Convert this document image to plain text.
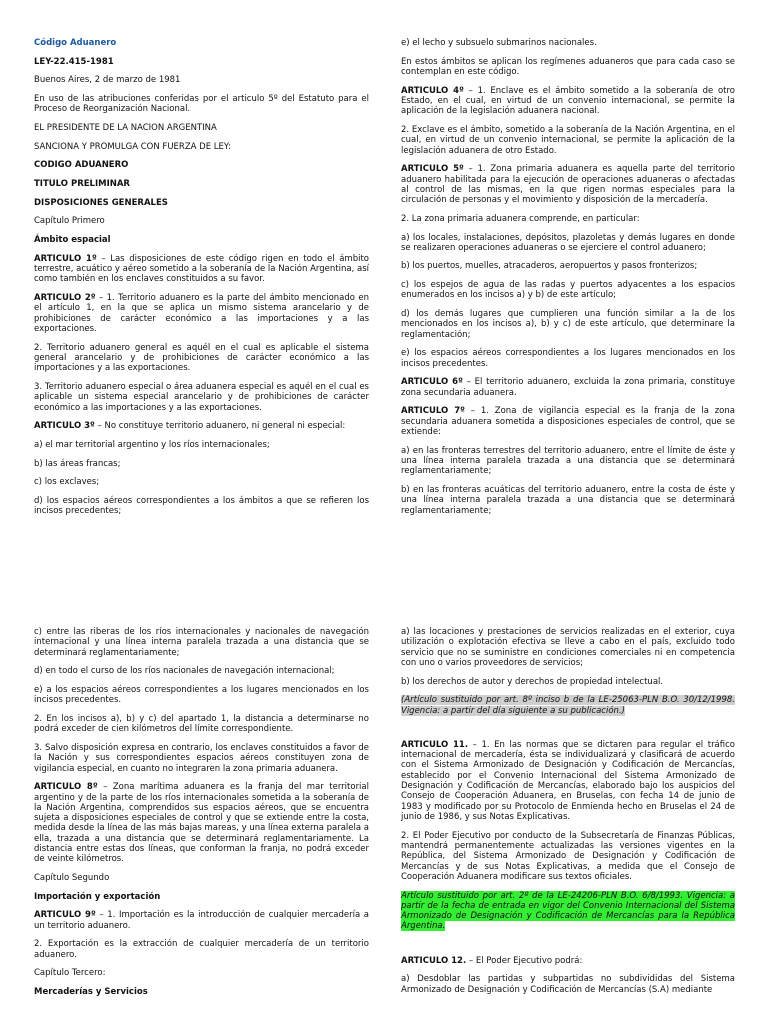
Código Aduanero

LEY-22.415-1981

Buenos Aires, 2 de marzo de 1981

En uso de las atribuciones conferidas por el articulo 5º del Estatuto para el Proceso de Reorganización Nacional.

EL PRESIDENTE DE LA NACION ARGENTINA

SANCIONA Y PROMULGA CON FUERZA DE LEY:

CODIGO ADUANERO

TITULO PRELIMINAR

DISPOSICIONES GENERALES

Capítulo Primero

Ámbito espacial

ARTICULO 1º – Las disposiciones de este código rigen en todo el ámbito terrestre, acuático y aéreo sometido a la soberanía de la Nación Argentina, así como también en los enclaves constituidos a su favor.

ARTICULO 2º – 1. Territorio aduanero es la parte del ámbito mencionado en el artículo 1, en la que se aplica un mismo sistema arancelario y de prohibiciones de carácter económico a las importaciones y a las exportaciones.

2. Territorio aduanero general es aquél en el cual es aplicable el sistema general arancelario y de prohibiciones de carácter económico a las importaciones y a las exportaciones.

3. Territorio aduanero especial o área aduanera especial es aquél en el cual es aplicable un sistema especial arancelario y de prohibiciones de carácter económico a las importaciones y a las exportaciones.

ARTICULO 3º – No constituye territorio aduanero, ni general ni especial:

a) el mar territorial argentino y los ríos internacionales;

b) las áreas francas;

c) los exclaves;

d) los espacios aéreos correspondientes a los ámbitos a que se refieren los incisos precedentes;

e) el lecho y subsuelo submarinos nacionales.

En estos ámbitos se aplican los regímenes aduaneros que para cada caso se contemplan en este código.

ARTICULO 4º – 1. Enclave es el ámbito sometido a la soberanía de otro Estado, en el cual, en virtud de un convenio internacional, se permite la aplicación de la legislación aduanera nacional.

2. Exclave es el ámbito, sometido a la soberanía de la Nación Argentina, en el cual, en virtud de un convenio internacional, se permite la aplicación de la legislación aduanera de otro Estado.

ARTICULO 5º – 1. Zona primaria aduanera es aquella parte del territorio aduanero habilitada para la ejecución de operaciones aduaneras o afectadas al control de las mismas, en la que rigen normas especiales para la circulación de personas y el movimiento y disposición de la mercadería.

2. La zona primaria aduanera comprende, en particular:

a) los locales, instalaciones, depósitos, plazoletas y demás lugares en donde se realizaren operaciones aduaneras o se ejerciere el control aduanero;

b) los puertos, muelles, atracaderos, aeropuertos y pasos fronterizos;

c) los espejos de agua de las radas y puertos adyacentes a los espacios enumerados en los incisos a) y b) de este artículo;

d) los demás lugares que cumplieren una función similar a la de los mencionados en los incisos a), b) y c) de este artículo, que determinare la reglamentación;

e) los espacios aéreos correspondientes a los lugares mencionados en los incisos precedentes.

ARTICULO 6º – El territorio aduanero, excluida la zona primaria, constituye zona secundaria aduanera.

ARTICULO 7º – 1. Zona de vigilancia especial es la franja de la zona secundaria aduanera sometida a disposiciones especiales de control, que se extiende:

a) en las fronteras terrestres del territorio aduanero, entre el límite de éste y una línea interna paralela trazada a una distancia que se determinará reglamentariamente;

b) en las fronteras acuáticas del territorio aduanero, entre la costa de éste y una línea interna paralela trazada a una distancia que se determinará reglamentariamente;

c) entre las riberas de los ríos internacionales y nacionales de navegación internacional y una línea interna paralela trazada a una distancia que se determinará reglamentariamente;

d) en todo el curso de los ríos nacionales de navegación internacional;

e) a los espacios aéreos correspondientes a los lugares mencionados en los incisos precedentes.

2. En los incisos a), b) y c) del apartado 1, la distancia a determinarse no podrá exceder de cien kilómetros del límite correspondiente.

3. Salvo disposición expresa en contrario, los enclaves constituidos a favor de la Nación y sus correspondientes espacios aéreos constituyen zona de vigilancia especial, en cuanto no integraren la zona primaria aduanera.

ARTICULO 8º – Zona marítima aduanera es la franja del mar territorial argentino y de la parte de los ríos internacionales sometida a la soberanía de la Nación Argentina, comprendidos sus espacios aéreos, que se encuentra sujeta a disposiciones especiales de control y que se extiende entre la costa, medida desde la línea de las más bajas mareas, y una línea externa paralela a ella, trazada a una distancia que se determinará reglamentariamente. La distancia entre estas dos líneas, que conforman la franja, no podrá exceder de veinte kilómetros.

Capítulo Segundo

Importación y exportación

ARTICULO 9º – 1. Importación es la introducción de cualquier mercadería a un territorio aduanero.

2. Exportación es la extracción de cualquier mercadería de un territorio aduanero.

Capítulo Tercero:

Mercaderías y Servicios

a) las locaciones y prestaciones de servicios realizadas en el exterior, cuya utilización o explotación efectiva se lleve a cabo en el país, excluido todo servicio que no se suministre en condiciones comerciales ni en competencia con uno o varios proveedores de servicios;

b) los derechos de autor y derechos de propiedad intelectual.

(Artículo sustituido por art. 8º inciso b de la LE-25063-PLN B.O. 30/12/1998. Vigencia: a partir del día siguiente a su publicación.)

ARTICULO 11. – 1. En las normas que se dictaren para regular el tráfico internacional de mercadería, ésta se individualizará y clasificará de acuerdo con el Sistema Armonizado de Designación y Codificación de Mercancías, establecido por el Convenio Internacional del Sistema Armonizado de Designación y Codificación de Mercancías, elaborado bajo los auspicios del Consejo de Cooperación Aduanera, en Bruselas, con fecha 14 de junio de 1983 y modificado por su Protocolo de Enmienda hecho en Bruselas el 24 de junio de 1986, y sus Notas Explicativas.

2. El Poder Ejecutivo por conducto de la Subsecretaría de Finanzas Públicas, mantendrá permanentemente actualizadas las versiones vigentes en la República, del Sistema Armonizado de Designación y Codificación de Mercancías y de sus Notas Explicativas, a medida que el Consejo de Cooperación Aduanera modificare sus textos oficiales.

Artículo sustituido por art. 2º de la LE-24206-PLN B.O. 6/8/1993. Vigencia: a partir de la fecha de entrada en vigor del Convenio Internacional del Sistema Armonizado de Designación y Codificación de Mercancías para la República Argentina.

ARTICULO 12. – El Poder Ejecutivo podrá:

a) Desdoblar las partidas y subpartidas no subdivididas del Sistema Armonizado de Designación y Codificación de Mercancías (S.A) mediante
